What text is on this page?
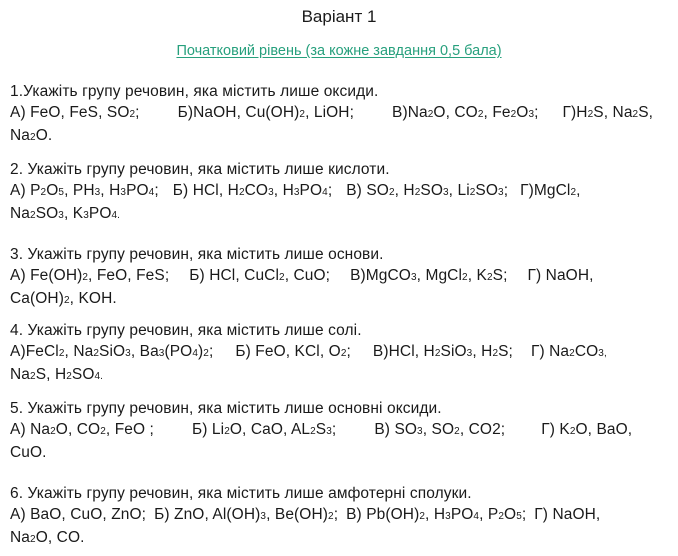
Варіант 1
Початковий рівень (за кожне завдання 0,5 бала)

1.Укажіть групу речовин, яка містить лише оксиди.

А) FeO, FeS, SO2; Б)NaOH, Cu(OH)2, LiOH; В)Na2O, CO2, Fe2O3; Г)H2S, Na2S,
Na2O.

2. Укажіть групу речовин, яка містить лише кислоти.

А) P2O5, PH3, H3PO4; Б) HCl, H2CO3, H3PO4; В) SO2, H2SO3, Li2SO3; Г)MgCl2,
Na2SO3, K3PO4.

3. Укажіть групу речовин, яка містить лише основи.

А) Fe(OH)2, FeO, FeS; Б) HCl, CuCl2, CuO; В)MgCO3, MgCl2, K2S; Г) NaOH,
Ca(OH)2, KOH.

4. Укажіть групу речовин, яка містить лише солі.

А)FeCl2, Na2SiO3, Ba3(PO4)2; Б) FeO, KCl, O2; В)HCl, H2SiO3, H2S; Г) Na2CO3,
Na2S, H2SO4.

5. Укажіть групу речовин, яка містить лише основні оксиди.

А) Na2O, CO2, FeO ; Б) Li2O, CaO, AL2S3; В) SO3, SO2, CO2; Г) K2O, BaO,
CuO.

6. Укажіть групу речовин, яка містить лише амфотерні сполуки.

А) BaO, CuO, ZnO; Б) ZnO, Al(OH)3, Be(OH)2; В) Pb(OH)2, H3PO4, P2O5; Г) NaOH,
Na2O, CO.
